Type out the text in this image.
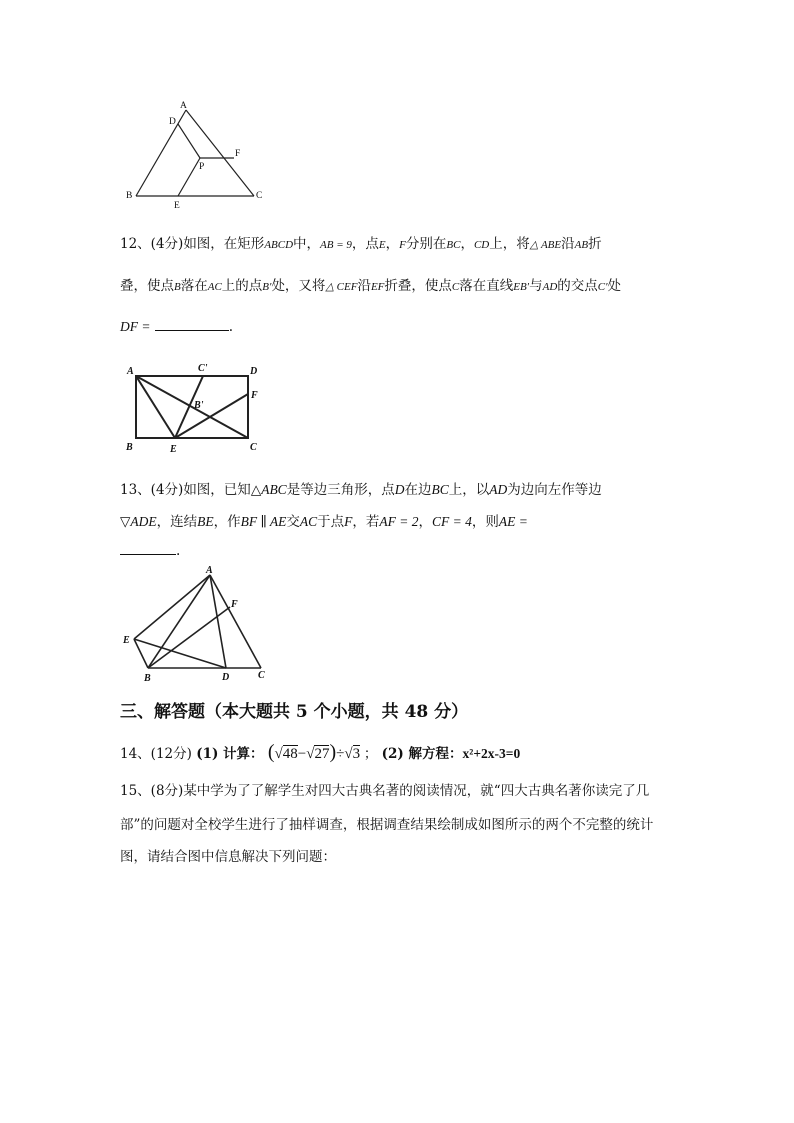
A
D
F
P
B
E
C
12、(4分)如图，在矩形ABCD中，AB = 9，点E，F分别在BC，CD上，将△ ABE沿AB折
叠，使点B落在AC上的点B′处，又将△ CEF沿EF折叠，使点C落在直线EB′与AD的交点C′处
DF =	.
A	C'	D
F
B'
B	E	C
13、(4分)如图，已知△ABC是等边三角形，点D在边BC上，以AD为边向左作等边
▽ADE，连结BE，作BF ∥ AE交AC于点F，若AF = 2，CF = 4，则AE =
.
A
F
E
B	D	C
三、解答题（本大题共 5 个小题，共 48 分）
14、(12分) (1) 计算： (√48−√27)÷√3 ； (2) 解方程：x²+2x-3=0
15、(8分)某中学为了了解学生对四大古典名著的阅读情况，就“四大古典名著你读完了几
部”的问题对全校学生进行了抽样调查，根据调查结果绘制成如图所示的两个不完整的统计
图，请结合图中信息解决下列问题：
